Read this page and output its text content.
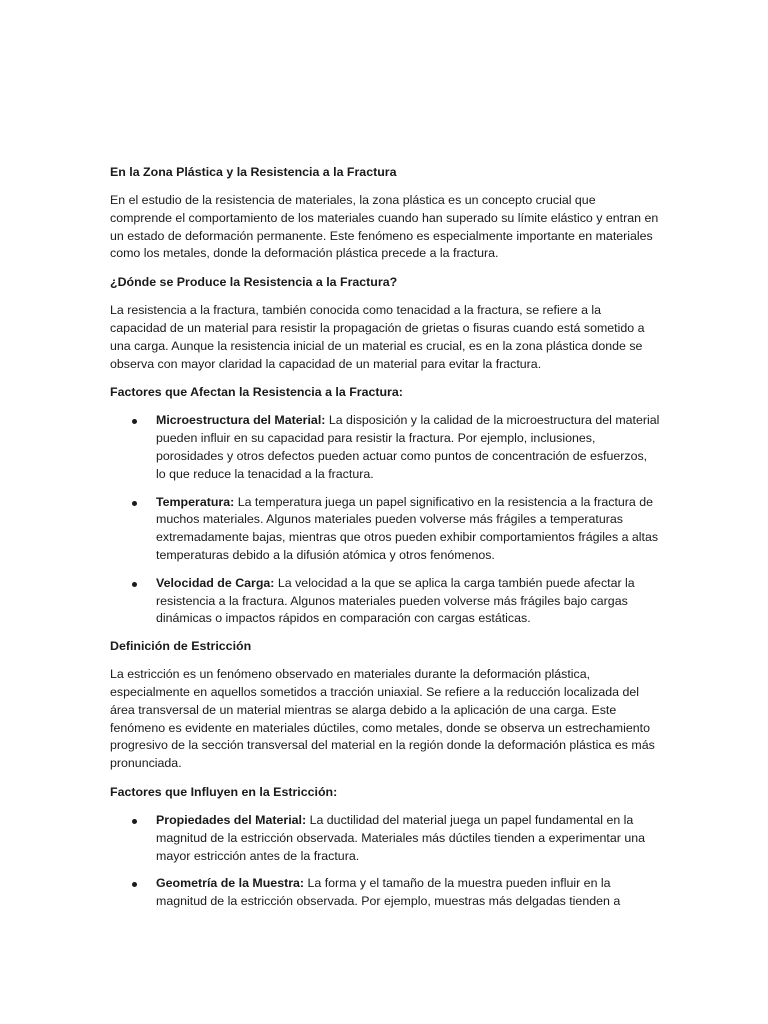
En la Zona Plástica y la Resistencia a la Fractura

En el estudio de la resistencia de materiales, la zona plástica es un concepto crucial que comprende el comportamiento de los materiales cuando han superado su límite elástico y entran en un estado de deformación permanente. Este fenómeno es especialmente importante en materiales como los metales, donde la deformación plástica precede a la fractura.

¿Dónde se Produce la Resistencia a la Fractura?

La resistencia a la fractura, también conocida como tenacidad a la fractura, se refiere a la capacidad de un material para resistir la propagación de grietas o fisuras cuando está sometido a una carga. Aunque la resistencia inicial de un material es crucial, es en la zona plástica donde se observa con mayor claridad la capacidad de un material para evitar la fractura.

Factores que Afectan la Resistencia a la Fractura:
Microestructura del Material: La disposición y la calidad de la microestructura del material pueden influir en su capacidad para resistir la fractura. Por ejemplo, inclusiones, porosidades y otros defectos pueden actuar como puntos de concentración de esfuerzos, lo que reduce la tenacidad a la fractura.
Temperatura: La temperatura juega un papel significativo en la resistencia a la fractura de muchos materiales. Algunos materiales pueden volverse más frágiles a temperaturas extremadamente bajas, mientras que otros pueden exhibir comportamientos frágiles a altas temperaturas debido a la difusión atómica y otros fenómenos.
Velocidad de Carga: La velocidad a la que se aplica la carga también puede afectar la resistencia a la fractura. Algunos materiales pueden volverse más frágiles bajo cargas dinámicas o impactos rápidos en comparación con cargas estáticas.
Definición de Estricción

La estricción es un fenómeno observado en materiales durante la deformación plástica, especialmente en aquellos sometidos a tracción uniaxial. Se refiere a la reducción localizada del área transversal de un material mientras se alarga debido a la aplicación de una carga. Este fenómeno es evidente en materiales dúctiles, como metales, donde se observa un estrechamiento progresivo de la sección transversal del material en la región donde la deformación plástica es más pronunciada.

Factores que Influyen en la Estricción:
Propiedades del Material: La ductilidad del material juega un papel fundamental en la magnitud de la estricción observada. Materiales más dúctiles tienden a experimentar una mayor estricción antes de la fractura.
Geometría de la Muestra: La forma y el tamaño de la muestra pueden influir en la magnitud de la estricción observada. Por ejemplo, muestras más delgadas tienden a
